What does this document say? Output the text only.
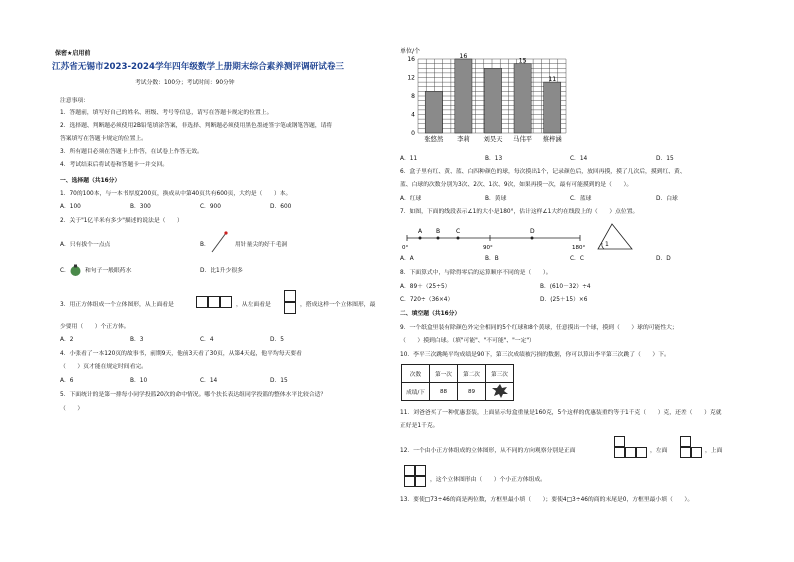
保密★启用前
江苏省无锡市2023-2024学年四年级数学上册期末综合素养测评调研试卷三
考试分数：100分；考试时间：90分钟
注意事项：
1．答题前，填写好自己的姓名、班级、考号等信息，请写在答题卡规定的位置上。
2．选择题、判断题必须使用2B铅笔填涂答案，非选择、判断题必须使用黑色墨迹签字笔或钢笔答题，请将
答案填写在答题卡规定的位置上。
3．所有题目必须在答题卡上作答，在试卷上作答无效。
4．考试结束后将试卷和答题卡一并交回。
一、选择题（共16分）
1．70的100本，与一本书厚度200页，换成从中第40页共有600页，大约是（　　）本。
A．100	B．300	C．900	D．600
2．关于"1亿半米有多少"描述的说法是（　　）
A．只有拔个一点点	B．	用针量尖的好千毛洞
C．	和句子一般眼药水	D．比1升少很多
3．用正方体组成一个立体图形，从上面看是	，从左面看是	，搭成这样一个立体图形，最
少要用（　　）个正方体。
A．2	B．3	C．4	D．5
4．小张看了一本120页的故事书，前期9天，他前3天看了30页，从第4天起，他平均每天要看
（　　）页才能在规定时间看完。
A．6	B．10	C．14	D．15
5．下面统计的是第一排每小同学投篮20次的命中情况。哪个扶长表达组同学投篮的整体水平比较合适？
（　　）
单位/个
0
4
8
12
16
张悠然 李莉
16
刘昊天 马伟平
15
蔡梓涵
11
A．11	B．13	C．14	D．15
6．盒子里有红、黄、蓝、白四种颜色的球，每次摸出1个，记录颜色后，放回再摸，摸了几次后，摸到红、黄、
蓝、白球的次数分别为3次、2次、1次、9次，如果再摸一次，最有可能摸到的是（　　）。
A．红球	B．黄球	C．蓝球	D．白球
7．如图，下面的线段表示∠1的大小是180°，估计这样∠1大约在线段上的（　　）点位置。
A B	C	D
0°	90°	180°	1
A．A	B．B	C．C	D．D
8．下面算式中，与除得零后的运算顺序不同的是（　　）。
A．89＋（25÷5）	B．(610－32）÷4
C．720÷（36×4）	D．(25＋15）×6
二、填空题（共16分）
9．一个纸盒里装有除颜色外完全相同的5个红球和8个黄球，任意摸出一个球，摸到（　　）球的可能性大；
（　　）摸到白球。（填"可能"、"不可能"、"一定"）
10．李平三次跳绳平均成绩是90下，第三次成绩被污损的数据，你可以算出李平第三次跳了（　　）下。
次数	第一次	第二次	第三次
成绩/下	88	89	
11．刘爸爸买了一种优惠套装，上面显示每盒重量是160克，5个这样的优惠装重约等于1千克（　　）克，还差（　　）克就
正好是1千克。
12．一个由小正方体组成的立体图形，从不同的方向观察分别是正面	，左面	，上面
，这个立体图形由（　　）个小正方体组成。
13．要使□73÷46的商是两位数，方框里最小填（　　）；要使4□3÷46的商的末尾是0，方框里最小填（　　）。
